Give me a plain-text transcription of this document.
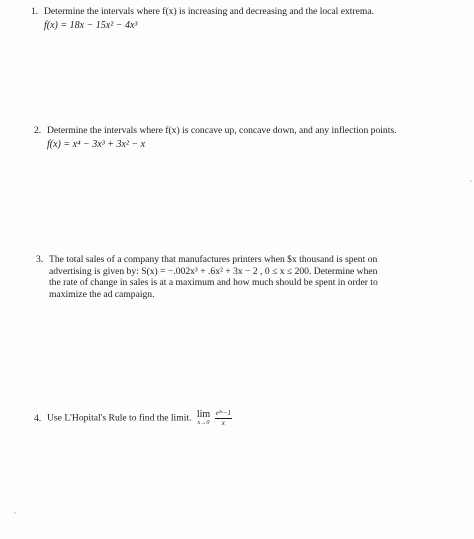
1. Determine the intervals where f(x) is increasing and decreasing and the local extrema.
f(x) = 18x − 15x² − 4x³
2. Determine the intervals where f(x) is concave up, concave down, and any inflection points.
f(x) = x⁴ − 3x³ + 3x² − x
3. The total sales of a company that manufactures printers when $x thousand is spent on
advertising is given by: S(x) = −.002x³ + .6x² + 3x − 2 , 0 ≤ x ≤ 200. Determine when
the rate of change in sales is at a maximum and how much should be spent in order to
maximize the ad campaign.
4. Use L'Hopital's Rule to find the limit. lim
x→0
$\frac{\text{e²ˣ−1}}{x}$
